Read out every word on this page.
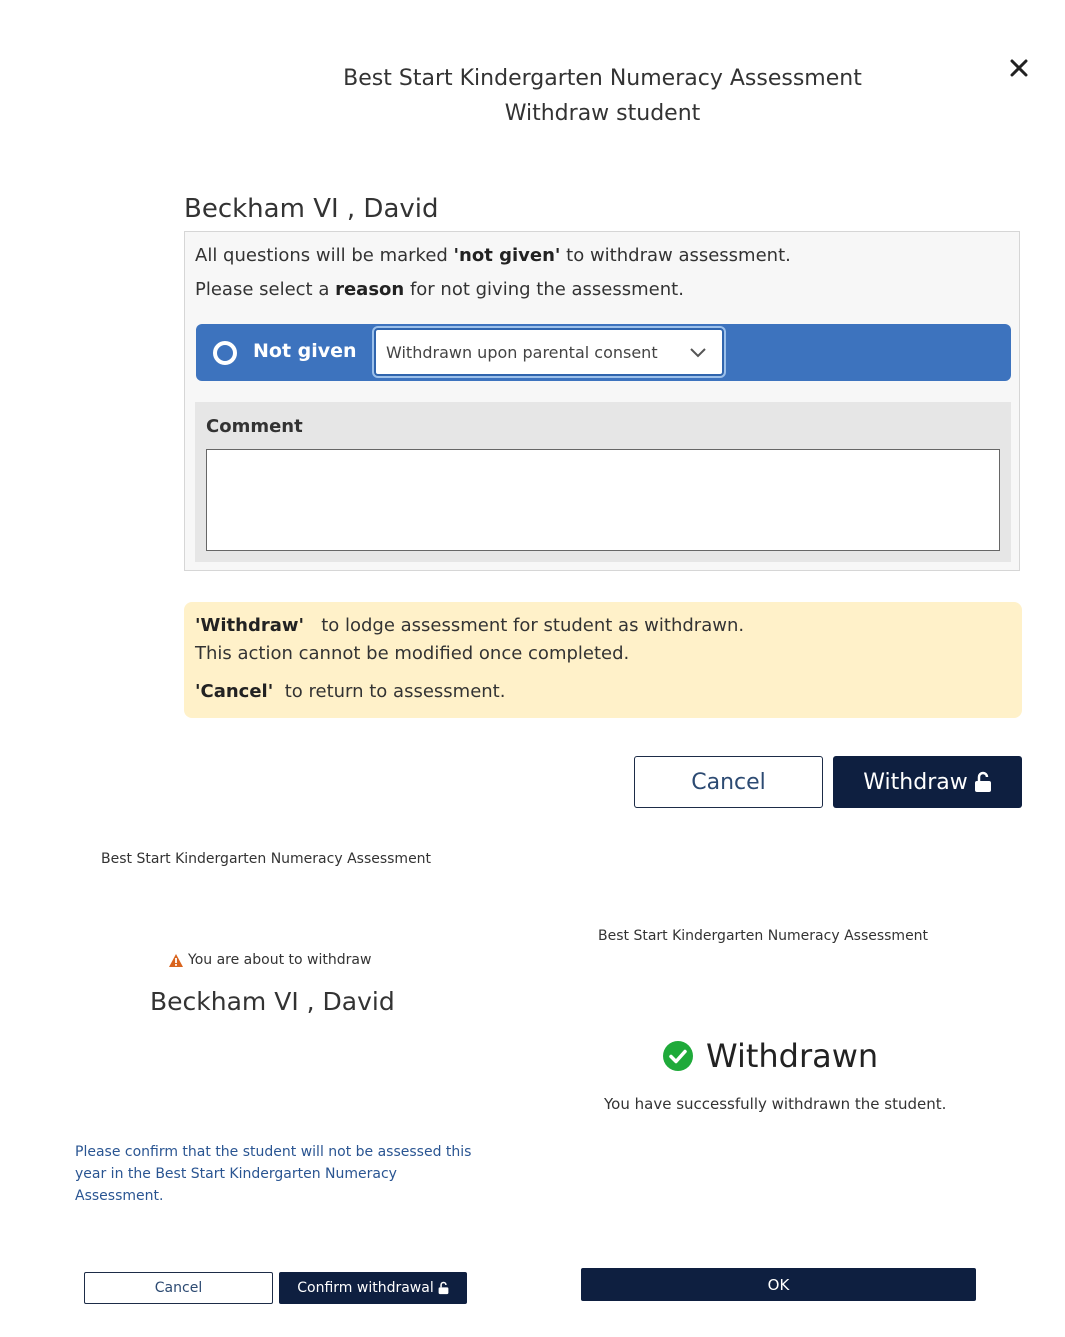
Best Start Kindergarten Numeracy Assessment
Withdraw student
Beckham VI , David
All questions will be marked 'not given' to withdraw assessment.
Please select a reason for not giving the assessment.
Not given Withdrawn upon parental consent
Comment
'Withdraw' to lodge assessment for student as withdrawn.
This action cannot be modified once completed.
'Cancel' to return to assessment.
Cancel	Withdraw
Best Start Kindergarten Numeracy Assessment
You are about to withdraw
Beckham VI , David
Please confirm that the student will not be assessed this year in the Best Start Kindergarten Numeracy Assessment.
Cancel	Confirm withdrawal
Best Start Kindergarten Numeracy Assessment
Withdrawn
You have successfully withdrawn the student.
OK
